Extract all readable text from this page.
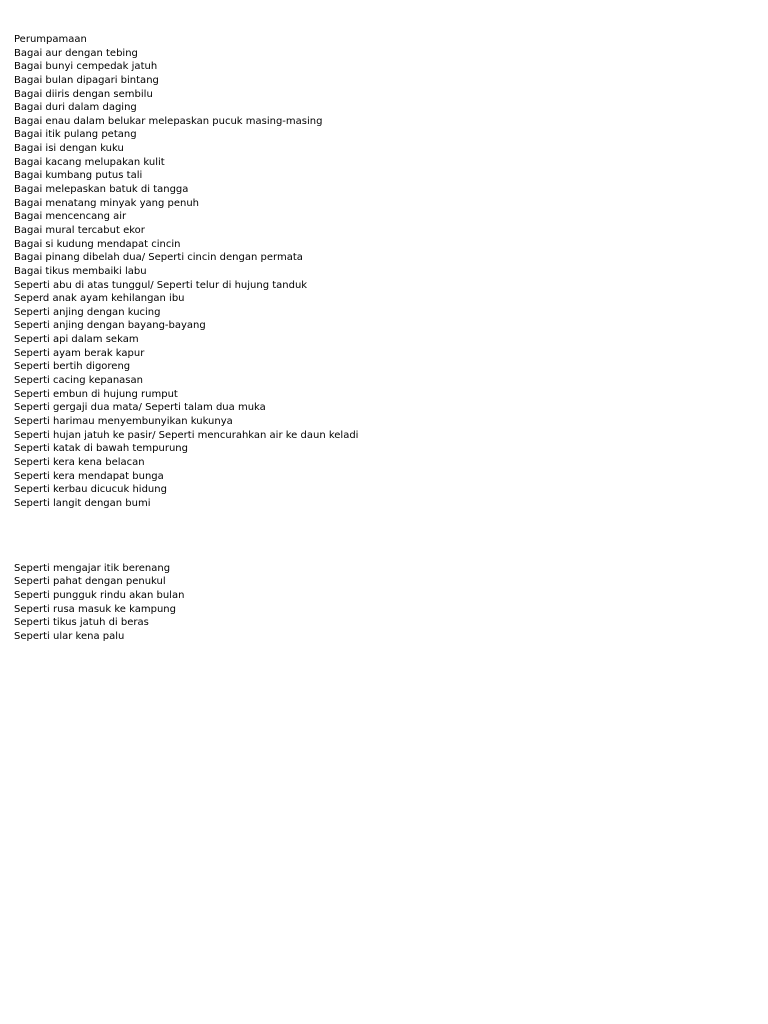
Perumpamaan
Bagai aur dengan tebing
Bagai bunyi cempedak jatuh
Bagai bulan dipagari bintang
Bagai diiris dengan sembilu
Bagai duri dalam daging
Bagai enau dalam belukar melepaskan pucuk masing-masing
Bagai itik pulang petang
Bagai isi dengan kuku
Bagai kacang melupakan kulit
Bagai kumbang putus tali
Bagai melepaskan batuk di tangga
Bagai menatang minyak yang penuh
Bagai mencencang air
Bagai mural tercabut ekor
Bagai si kudung mendapat cincin
Bagai pinang dibelah dua/ Seperti cincin dengan permata
Bagai tikus membaiki labu
Seperti abu di atas tunggul/ Seperti telur di hujung tanduk
Seperd anak ayam kehilangan ibu
Seperti anjing dengan kucing
Seperti anjing dengan bayang-bayang
Seperti api dalam sekam
Seperti ayam berak kapur
Seperti bertih digoreng
Seperti cacing kepanasan
Seperti embun di hujung rumput
Seperti gergaji dua mata/ Seperti talam dua muka
Seperti harimau menyembunyikan kukunya
Seperti hujan jatuh ke pasir/ Seperti mencurahkan air ke daun keladi
Seperti katak di bawah tempurung
Seperti kera kena belacan
Seperti kera mendapat bunga
Seperti kerbau dicucuk hidung
Seperti langit dengan bumi
Seperti mengajar itik berenang
Seperti pahat dengan penukul
Seperti pungguk rindu akan bulan
Seperti rusa masuk ke kampung
Seperti tikus jatuh di beras
Seperti ular kena palu
